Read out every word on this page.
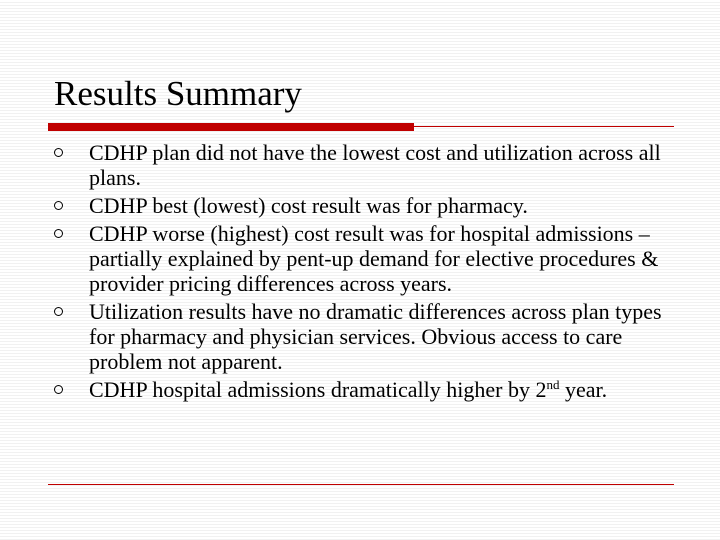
Results Summary
CDHP plan did not have the lowest cost and utilization across all plans.
CDHP best (lowest) cost result was for pharmacy.
CDHP worse (highest) cost result was for hospital admissions – partially explained by pent-up demand for elective procedures & provider pricing differences across years.
Utilization results have no dramatic differences across plan types for pharmacy and physician services. Obvious access to care problem not apparent.
CDHP hospital admissions dramatically higher by 2nd year.
